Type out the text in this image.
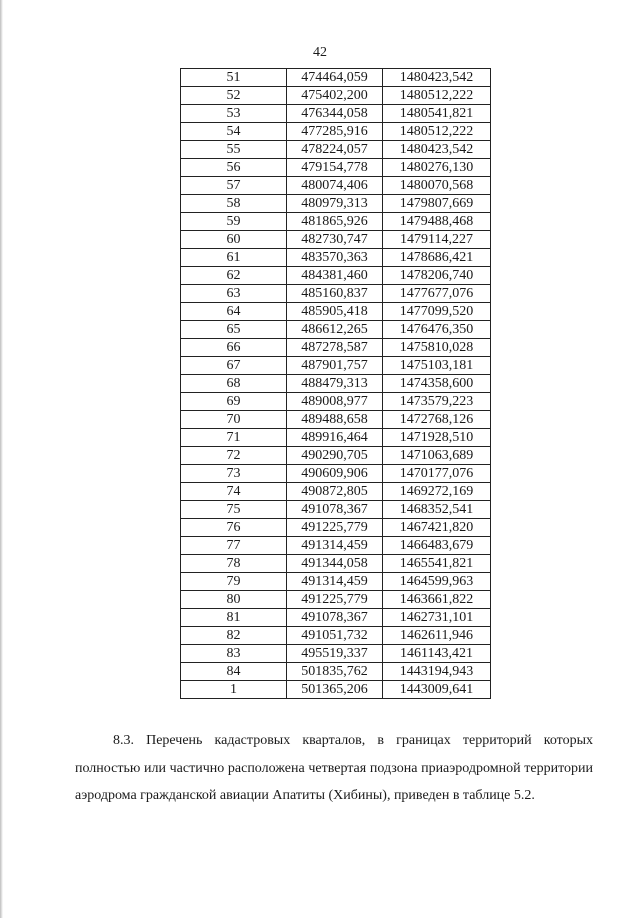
42
51	474464,059	1480423,542
52	475402,200	1480512,222
53	476344,058	1480541,821
54	477285,916	1480512,222
55	478224,057	1480423,542
56	479154,778	1480276,130
57	480074,406	1480070,568
58	480979,313	1479807,669
59	481865,926	1479488,468
60	482730,747	1479114,227
61	483570,363	1478686,421
62	484381,460	1478206,740
63	485160,837	1477677,076
64	485905,418	1477099,520
65	486612,265	1476476,350
66	487278,587	1475810,028
67	487901,757	1475103,181
68	488479,313	1474358,600
69	489008,977	1473579,223
70	489488,658	1472768,126
71	489916,464	1471928,510
72	490290,705	1471063,689
73	490609,906	1470177,076
74	490872,805	1469272,169
75	491078,367	1468352,541
76	491225,779	1467421,820
77	491314,459	1466483,679
78	491344,058	1465541,821
79	491314,459	1464599,963
80	491225,779	1463661,822
81	491078,367	1462731,101
82	491051,732	1462611,946
83	495519,337	1461143,421
84	501835,762	1443194,943
1	501365,206	1443009,641
8.3. Перечень кадастровых кварталов, в границах территорий которых полностью или частично расположена четвертая подзона приаэродромной территории аэродрома гражданской авиации Апатиты (Хибины), приведен в таблице 5.2.
